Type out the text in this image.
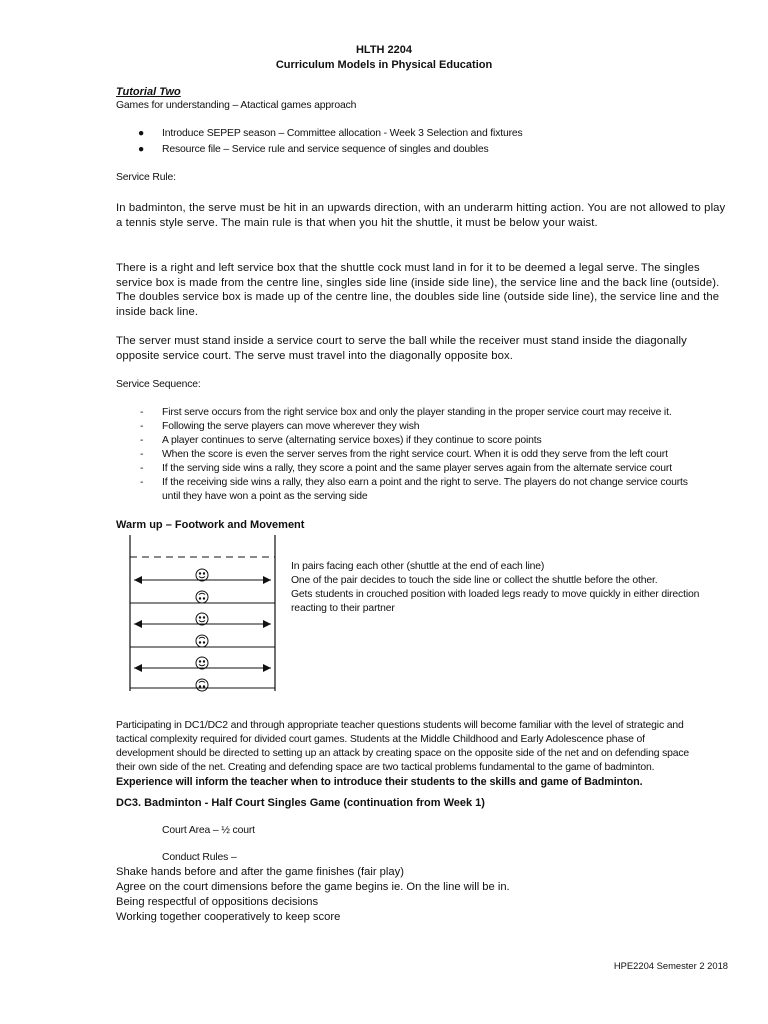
HLTH 2204

Curriculum Models in Physical Education

Tutorial Two

Games for understanding – Atactical games approach

● Introduce SEPEP season – Committee allocation - Week 3 Selection and fixtures
● Resource file – Service rule and service sequence of singles and doubles

Service Rule:

In badminton, the serve must be hit in an upwards direction, with an underarm hitting action. You are not allowed to play a tennis style serve. The main rule is that when you hit the shuttle, it must be below your waist.

There is a right and left service box that the shuttle cock must land in for it to be deemed a legal serve. The singles service box is made from the centre line, singles side line (inside side line), the service line and the back line (outside). The doubles service box is made up of the centre line, the doubles side line (outside side line), the service line and the inside back line.

The server must stand inside a service court to serve the ball while the receiver must stand inside the diagonally opposite service court. The serve must travel into the diagonally opposite box.

Service Sequence:

- First serve occurs from the right service box and only the player standing in the proper service court may receive it.
- Following the serve players can move wherever they wish
- A player continues to serve (alternating service boxes) if they continue to score points
- When the score is even the server serves from the right service court. When it is odd they serve from the left court
- If the serving side wins a rally, they score a point and the same player serves again from the alternate service court
- If the receiving side wins a rally, they also earn a point and the right to serve. The players do not change service courts
until they have won a point as the serving side

Warm up – Footwork and Movement

In pairs facing each other (shuttle at the end of each line)
One of the pair decides to touch the side line or collect the shuttle before the other.
Gets students in crouched position with loaded legs ready to move quickly in either direction
reacting to their partner
Participating in DC1/DC2 and through appropriate teacher questions students will become familiar with the level of strategic and
tactical complexity required for divided court games. Students at the Middle Childhood and Early Adolescence phase of
development should be directed to setting up an attack by creating space on the opposite side of the net and on defending space
their own side of the net. Creating and defending space are two tactical problems fundamental to the game of badminton.
Experience will inform the teacher when to introduce their students to the skills and game of Badminton.

DC3. Badminton - Half Court Singles Game (continuation from Week 1)

Court Area – ½ court

Conduct Rules –

Shake hands before and after the game finishes (fair play)
Agree on the court dimensions before the game begins ie. On the line will be in.
Being respectful of oppositions decisions
Working together cooperatively to keep score

HPE2204 Semester 2 2018
